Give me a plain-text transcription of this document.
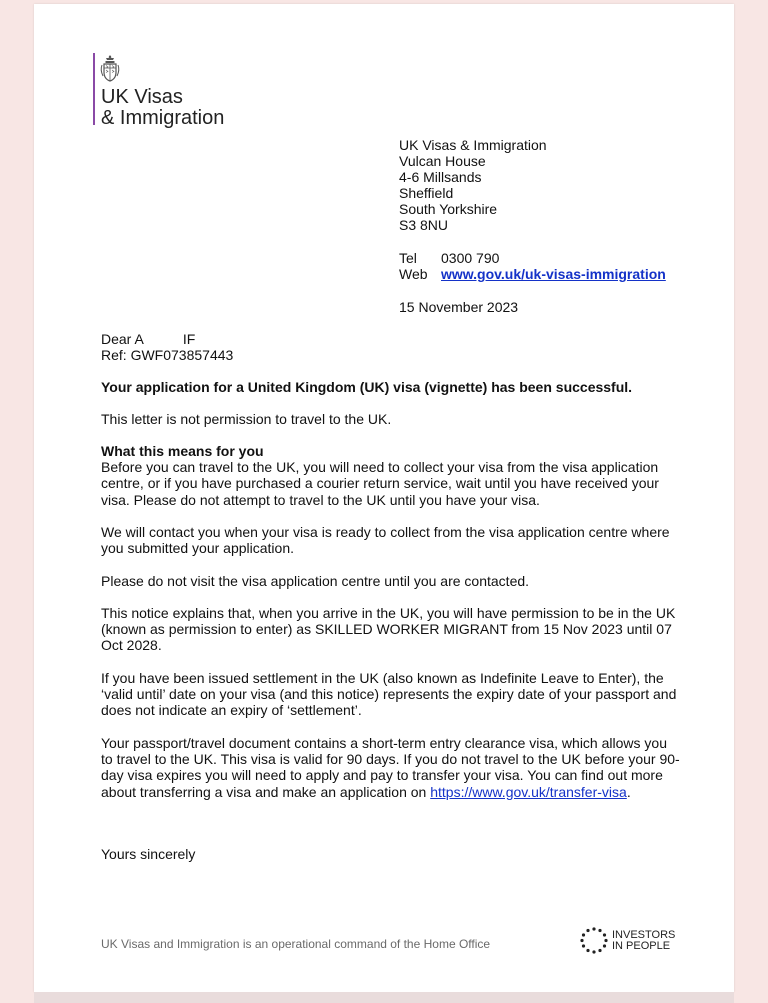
UK Visas
& Immigration
UK Visas & Immigration
Vulcan House
4-6 Millsands
Sheffield
South Yorkshire
S3 8NU
Tel 0300 790
Web www.gov.uk/uk-visas-immigration
15 November 2023

Dear A	IF

Ref: GWF073857443

Your application for a United Kingdom (UK) visa (vignette) has been successful.
This letter is not permission to travel to the UK.

What this means for you

Before you can travel to the UK, you will need to collect your visa from the visa application centre, or if you have purchased a courier return service, wait until you have received your visa. Please do not attempt to travel to the UK until you have your visa.

We will contact you when your visa is ready to collect from the visa application centre where you submitted your application.
Please do not visit the visa application centre until you are contacted.
This notice explains that, when you arrive in the UK, you will have permission to be in the UK (known as permission to enter) as SKILLED WORKER MIGRANT from 15 Nov 2023 until 07 Oct 2028.
If you have been issued settlement in the UK (also known as Indefinite Leave to Enter), the ‘valid until’ date on your visa (and this notice) represents the expiry date of your passport and does not indicate an expiry of ‘settlement’.
Your passport/travel document contains a short-term entry clearance visa, which allows you to travel to the UK. This visa is valid for 90 days. If you do not travel to the UK before your 90-day visa expires you will need to apply and pay to transfer your visa. You can find out more about transferring a visa and make an application on https://www.gov.uk/transfer-visa.
Yours sincerely
UK Visas and Immigration is an operational command of the Home Office
INVESTORS
IN PEOPLE
